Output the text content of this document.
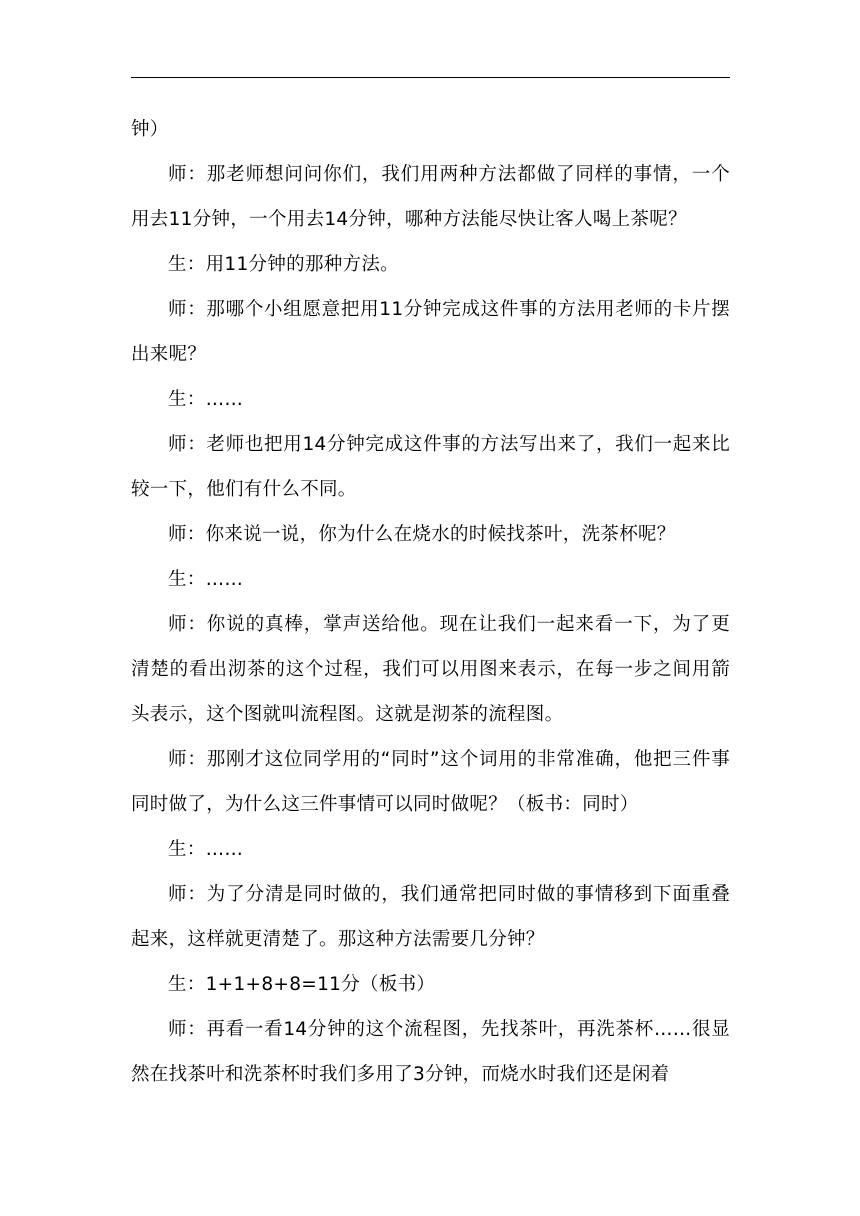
钟）

师：那老师想问问你们，我们用两种方法都做了同样的事情，一个用去11分钟，一个用去14分钟，哪种方法能尽快让客人喝上茶呢？

生：用11分钟的那种方法。

师：那哪个小组愿意把用11分钟完成这件事的方法用老师的卡片摆出来呢？

生：……

师：老师也把用14分钟完成这件事的方法写出来了，我们一起来比较一下，他们有什么不同。

师：你来说一说，你为什么在烧水的时候找茶叶，洗茶杯呢？

生：……

师：你说的真棒，掌声送给他。现在让我们一起来看一下，为了更清楚的看出沏茶的这个过程，我们可以用图来表示，在每一步之间用箭头表示，这个图就叫流程图。这就是沏茶的流程图。

师：那刚才这位同学用的“同时”这个词用的非常准确，他把三件事同时做了，为什么这三件事情可以同时做呢？（板书：同时）

生：……

师：为了分清是同时做的，我们通常把同时做的事情移到下面重叠起来，这样就更清楚了。那这种方法需要几分钟？

生：1+1+8+8=11分（板书）

师：再看一看14分钟的这个流程图，先找茶叶，再洗茶杯……很显然在找茶叶和洗茶杯时我们多用了3分钟，而烧水时我们还是闲着
